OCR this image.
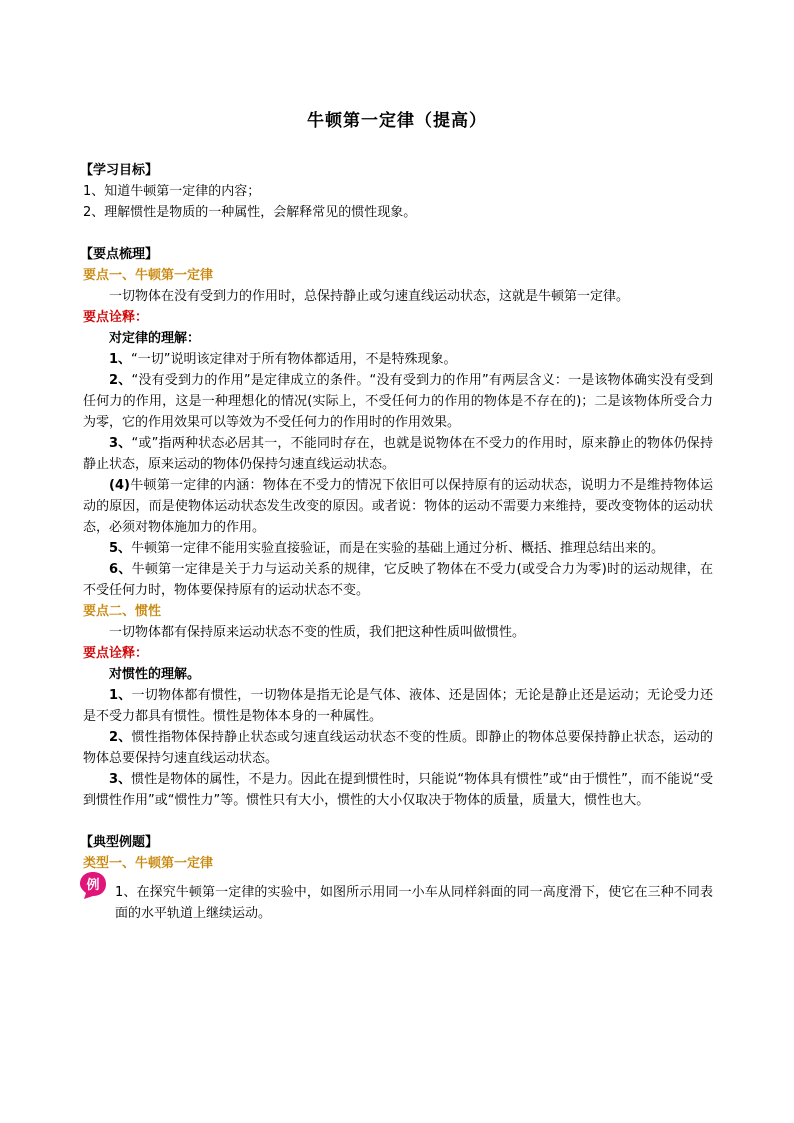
牛顿第一定律（提高）
【学习目标】
1、知道牛顿第一定律的内容；
2、理解惯性是物质的一种属性，会解释常见的惯性现象。
【要点梳理】
要点一、牛顿第一定律
一切物体在没有受到力的作用时，总保持静止或匀速直线运动状态，这就是牛顿第一定律。
要点诠释：
对定律的理解：
1、“一切”说明该定律对于所有物体都适用，不是特殊现象。
2、“没有受到力的作用”是定律成立的条件。“没有受到力的作用”有两层含义：一是该物体确实没有受到任何力的作用，这是一种理想化的情况(实际上，不受任何力的作用的物体是不存在的)；二是该物体所受合力为零，它的作用效果可以等效为不受任何力的作用时的作用效果。
3、“或”指两种状态必居其一，不能同时存在，也就是说物体在不受力的作用时，原来静止的物体仍保持静止状态，原来运动的物体仍保持匀速直线运动状态。
(4)牛顿第一定律的内涵：物体在不受力的情况下依旧可以保持原有的运动状态，说明力不是维持物体运动的原因，而是使物体运动状态发生改变的原因。或者说：物体的运动不需要力来维持，要改变物体的运动状态，必须对物体施加力的作用。
5、牛顿第一定律不能用实验直接验证，而是在实验的基础上通过分析、概括、推理总结出来的。
6、牛顿第一定律是关于力与运动关系的规律，它反映了物体在不受力(或受合力为零)时的运动规律，在不受任何力时，物体要保持原有的运动状态不变。
要点二、惯性
一切物体都有保持原来运动状态不变的性质，我们把这种性质叫做惯性。
要点诠释：
对惯性的理解。
1、一切物体都有惯性，一切物体是指无论是气体、液体、还是固体；无论是静止还是运动；无论受力还是不受力都具有惯性。惯性是物体本身的一种属性。
2、惯性指物体保持静止状态或匀速直线运动状态不变的性质。即静止的物体总要保持静止状态，运动的物体总要保持匀速直线运动状态。
3、惯性是物体的属性，不是力。因此在提到惯性时，只能说“物体具有惯性”或“由于惯性”，而不能说“受到惯性作用”或“惯性力”等。惯性只有大小，惯性的大小仅取决于物体的质量，质量大，惯性也大。
【典型例题】
类型一、牛顿第一定律
例	1、在探究牛顿第一定律的实验中，如图所示用同一小车从同样斜面的同一高度滑下，使它在三种不同表面的水平轨道上继续运动。
